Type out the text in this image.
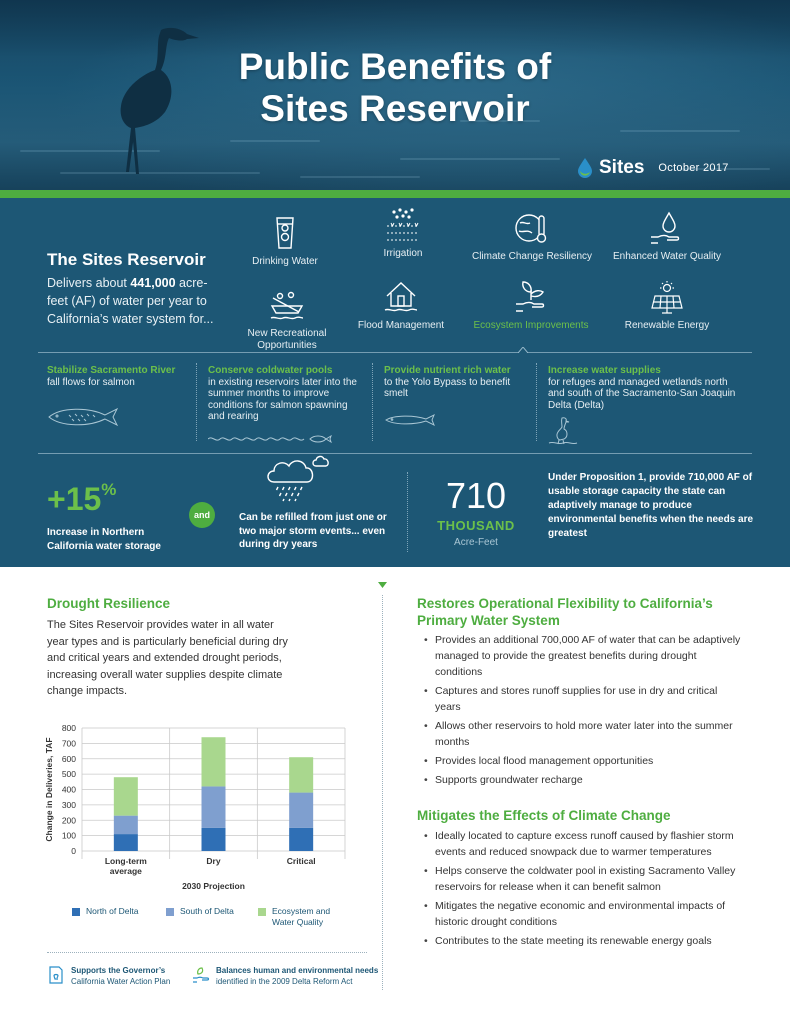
Public Benefits of
Sites Reservoir
Sites October 2017
The Sites Reservoir
Delivers about 441,000 acre-feet (AF) of water per year to California’s water system for...
Drinking Water
Irrigation	Climate Change Resiliency	Enhanced Water Quality
New Recreational Opportunities
Flood Management	Ecosystem Improvements	Renewable Energy
Stabilize Sacramento River
fall flows for salmon
Conserve coldwater pools
in existing reservoirs later into the summer months to improve conditions for salmon spawning and rearing
Provide nutrient rich water
to the Yolo Bypass to benefit smelt
Increase water supplies
for refuges and managed wetlands north and south of the Sacramento-San Joaquin Delta (Delta)
+15%
Increase in Northern California water storage
and	Can be refilled from just one or two major storm events... even during dry years
710
THOUSAND
Acre-Feet
Under Proposition 1, provide 710,000 AF of usable storage capacity the state can adaptively manage to produce environmental benefits when the needs are greatest
Drought Resilience
The Sites Reservoir provides water in all water year types and is particularly beneficial during dry and critical years and extended drought periods, increasing overall water supplies despite climate change impacts.
0
100
200
300
400
500
600
700
800
Change in Deliveries, TAF
Long-term
average
Dry	Critical
2030 Projection
North of Delta	South of Delta	Ecosystem and Water Quality
Supports the Governor’s
California Water Action Plan
Balances human and environmental needs
identified in the 2009 Delta Reform Act
Restores Operational Flexibility to California’s
Primary Water System
• Provides an additional 700,000 AF of water that can be adaptively managed to provide the greatest benefits during drought conditions
• Captures and stores runoff supplies for use in dry and critical years
• Allows other reservoirs to hold more water later into the summer months
• Provides local flood management opportunities
• Supports groundwater recharge
Mitigates the Effects of Climate Change
• Ideally located to capture excess runoff caused by flashier storm events and reduced snowpack due to warmer temperatures
• Helps conserve the coldwater pool in existing Sacramento Valley reservoirs for release when it can benefit salmon
• Mitigates the negative economic and environmental impacts of historic drought conditions
• Contributes to the state meeting its renewable energy goals
